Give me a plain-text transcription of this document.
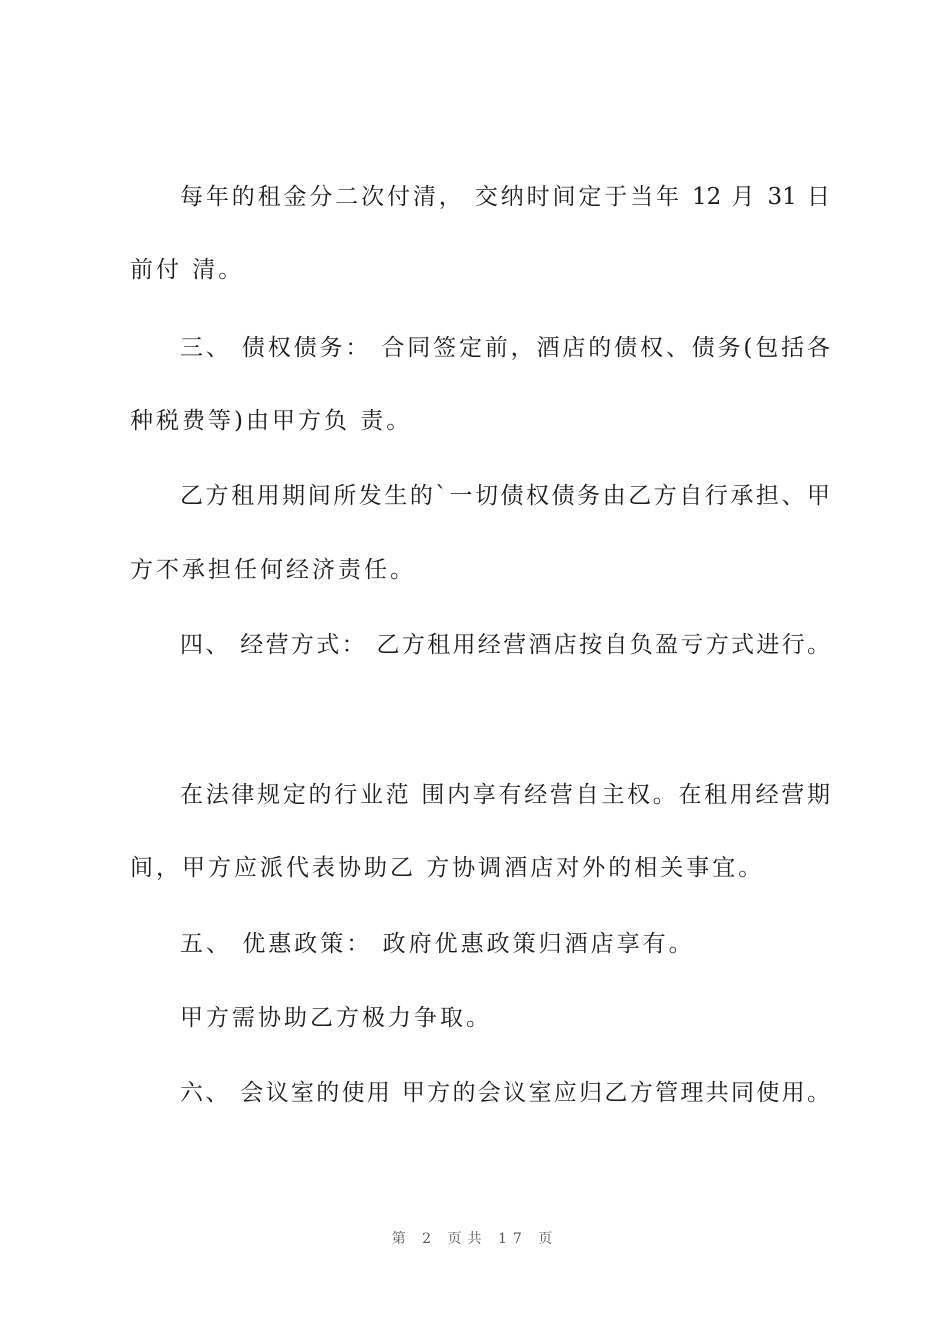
每年的租金分二次付清， 交纳时间定于当年 12 月 31 日
前付 清。
三、 债权债务： 合同签定前，酒店的债权、债务(包括各
种税费等)由甲方负 责。
乙方租用期间所发生的`一切债权债务由乙方自行承担、甲
方不承担任何经济责任。
四、 经营方式： 乙方租用经营酒店按自负盈亏方式进行。
在法律规定的行业范 围内享有经营自主权。在租用经营期
间，甲方应派代表协助乙 方协调酒店对外的相关事宜。
五、 优惠政策： 政府优惠政策归酒店享有。
甲方需协助乙方极力争取。
六、 会议室的使用 甲方的会议室应归乙方管理共同使用。
第 2 页共 17 页
